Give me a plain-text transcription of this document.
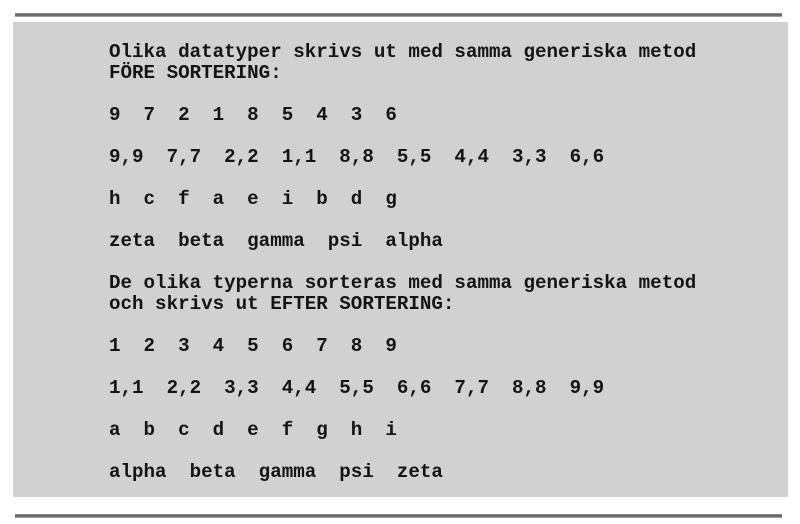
Olika datatyper skrivs ut med samma generiska metod
FÖRE SORTERING:
9  7  2  1  8  5  4  3  6
9,9  7,7  2,2  1,1  8,8  5,5  4,4  3,3  6,6
h  c  f  a  e  i  b  d  g
zeta  beta  gamma  psi  alpha
De olika typerna sorteras med samma generiska metod
och skrivs ut EFTER SORTERING:
1  2  3  4  5  6  7  8  9
1,1  2,2  3,3  4,4  5,5  6,6  7,7  8,8  9,9
a  b  c  d  e  f  g  h  i
alpha  beta  gamma  psi  zeta
